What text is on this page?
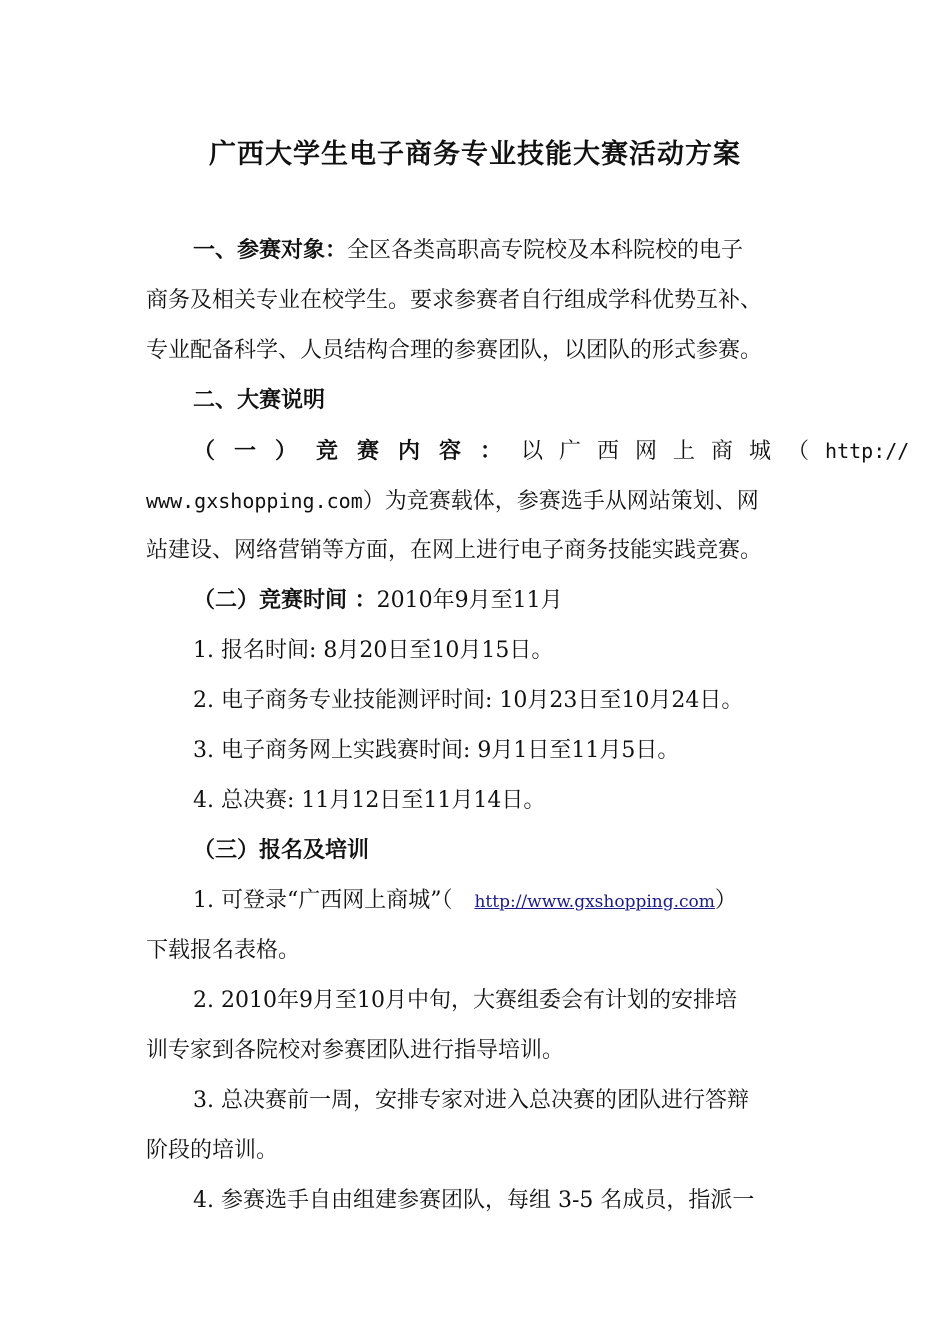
广西大学生电子商务专业技能大赛活动方案
一、参赛对象：全区各类高职高专院校及本科院校的电子
商务及相关专业在校学生。要求参赛者自行组成学科优势互补、
专业配备科学、人员结构合理的参赛团队，以团队的形式参赛。
二、大赛说明
（一）竞赛内容：以广西网上商城（http://
www.gxshopping.com）为竞赛载体，参赛选手从网站策划、网
站建设、网络营销等方面，在网上进行电子商务技能实践竞赛。
（二）竞赛时间 ：2010年9月至11月
1. 报名时间: 8月20日至10月15日。
2. 电子商务专业技能测评时间: 10月23日至10月24日。
3. 电子商务网上实践赛时间: 9月1日至11月5日。
4. 总决赛: 11月12日至11月14日。
（三）报名及培训
1. 可登录“广西网上商城”（ http://www.gxshopping.com）
下载报名表格。
2. 2010年9月至10月中旬，大赛组委会有计划的安排培
训专家到各院校对参赛团队进行指导培训。
3. 总决赛前一周，安排专家对进入总决赛的团队进行答辩
阶段的培训。
4. 参赛选手自由组建参赛团队，每组 3-5 名成员，指派一
